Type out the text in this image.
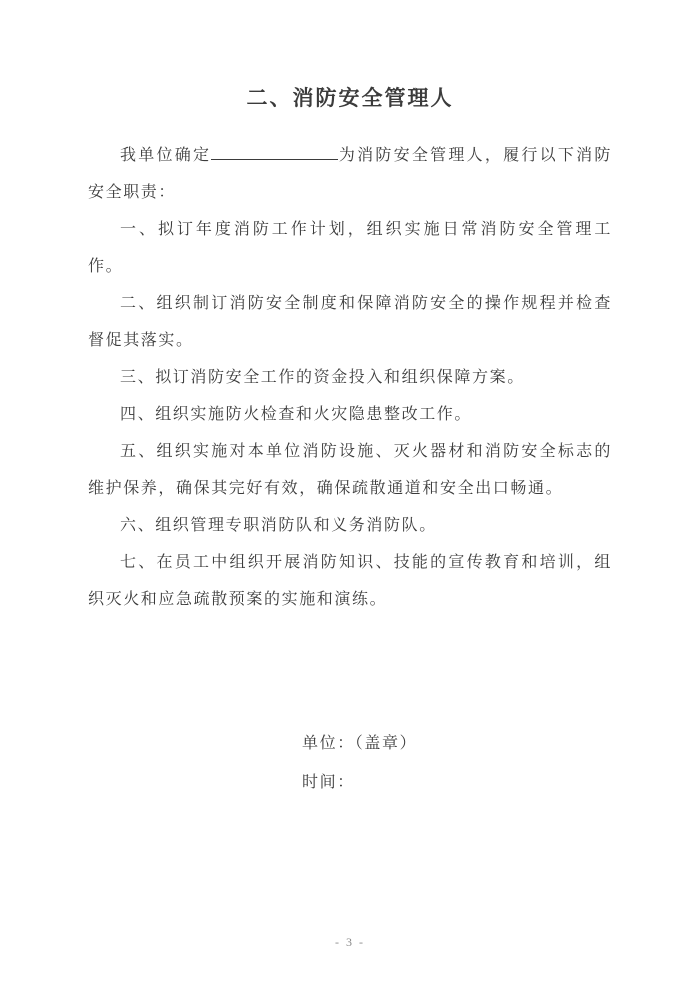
二、消防安全管理人

我单位确定	为消防安全管理人，履行以下消防安全职责：

一、拟订年度消防工作计划，组织实施日常消防安全管理工作。

二、组织制订消防安全制度和保障消防安全的操作规程并检查督促其落实。

三、拟订消防安全工作的资金投入和组织保障方案。

四、组织实施防火检查和火灾隐患整改工作。

五、组织实施对本单位消防设施、灭火器材和消防安全标志的维护保养，确保其完好有效，确保疏散通道和安全出口畅通。

六、组织管理专职消防队和义务消防队。

七、在员工中组织开展消防知识、技能的宣传教育和培训，组织灭火和应急疏散预案的实施和演练。

单位：（盖章）
时间：
- 3 -
